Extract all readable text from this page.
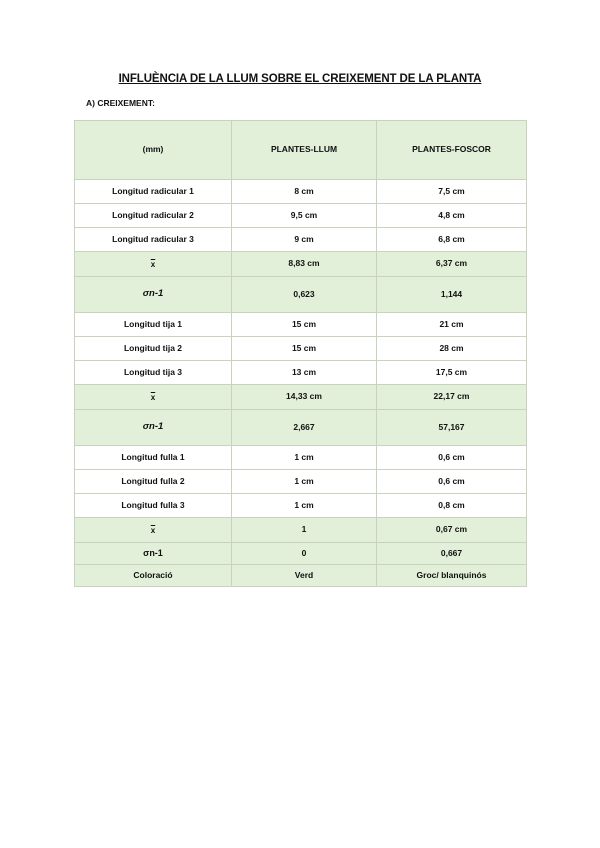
INFLUÈNCIA DE LA LLUM SOBRE EL CREIXEMENT DE LA PLANTA
A) CREIXEMENT:
(mm)	PLANTES-LLUM	PLANTES-FOSCOR
Longitud radicular 1	8 cm	7,5 cm
Longitud radicular 2	9,5 cm	4,8 cm
Longitud radicular 3	9 cm	6,8 cm
$\overline{x}$	8,83 cm	6,37 cm
σn-1	0,623	1,144
Longitud tija 1	15 cm	21 cm
Longitud tija 2	15 cm	28 cm
Longitud tija 3	13 cm	17,5 cm
$\overline{x}$	14,33 cm	22,17 cm
σn-1	2,667	57,167
Longitud fulla 1	1 cm	0,6 cm
Longitud fulla 2	1 cm	0,6 cm
Longitud fulla 3	1 cm	0,8 cm
$\overline{x}$	1	0,67 cm
σn-1	0	0,667
Coloració	Verd	Groc/ blanquinós
